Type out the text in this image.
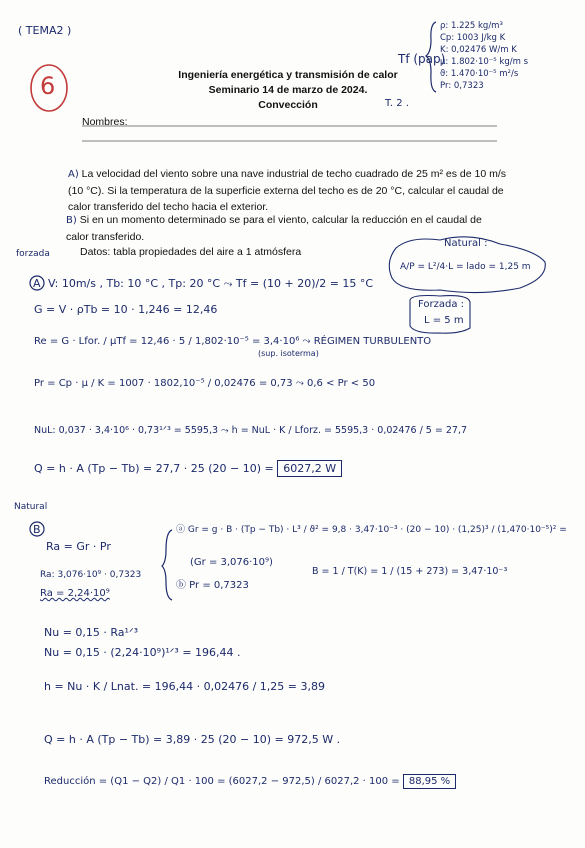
( TEMA2 )
6
Tf (pap)
ρ: 1.225 kg/m³
Cp: 1003 J/kg K
K: 0,02476 W/m K
μ: 1.802·10⁻⁵ kg/m s
ϑ: 1.470·10⁻⁵ m²/s
Pr: 0,7323
Ingeniería energética y transmisión de calor
Seminario 14 de marzo de 2024. Convección	T. 2 .
Nombres:
A) La velocidad del viento sobre una nave industrial de techo cuadrado de 25 m² es de 10 m/s (10 °C). Si la temperatura de la superficie externa del techo es de 20 °C, calcular el caudal de calor transferido del techo hacia el exterior.
B) Si en un momento determinado se para el viento, calcular la reducción en el caudal de calor transferido.
Datos: tabla propiedades del aire a 1 atmósfera
forzada
Natural :
A/P = L²/4·L = lado = 1,25 m
Forzada :
L = 5 m
Natural
A V: 10m/s , Tb: 10 °C , Tp: 20 °C ⤳ Tf = (10 + 20)/2 = 15 °C
G = V · ρTb = 10 · 1,246 = 12,46
Re = G · Lfor. / μTf = 12,46 · 5 / 1,802·10⁻⁵ = 3,4·10⁶ ⤳ RÉGIMEN TURBULENTO
(sup. isoterma)
Pr = Cp · μ / K = 1007 · 1802,10⁻⁵ / 0,02476 = 0,73 ⤳ 0,6 < Pr < 50
NuL: 0,037 · 3,4·10⁶ · 0,73¹ᐟ³ = 5595,3 ⤳ h = NuL · K / Lforz. = 5595,3 · 0,02476 / 5 = 27,7
Q = h · A (Tp − Tb) = 27,7 · 25 (20 − 10) = 6027,2 W
B
Ra = Gr · Pr
Ra: 3,076·10⁹ · 0,7323
Ra = 2,24·10⁹
ⓐ Gr = g · B · (Tp − Tb) · L³ / ϑ² = 9,8 · 3,47·10⁻³ · (20 − 10) · (1,25)³ / (1,470·10⁻⁵)² =
(Gr = 3,076·10⁹)
ⓑ Pr = 0,7323
B = 1 / T(K) = 1 / (15 + 273) = 3,47·10⁻³
Nu = 0,15 · Ra¹ᐟ³
Nu = 0,15 · (2,24·10⁹)¹ᐟ³ = 196,44 .
h = Nu · K / Lnat. = 196,44 · 0,02476 / 1,25 = 3,89
Q = h · A (Tp − Tb) = 3,89 · 25 (20 − 10) = 972,5 W .
Reducción = (Q1 − Q2) / Q1 · 100 = (6027,2 − 972,5) / 6027,2 · 100 = 88,95 %
